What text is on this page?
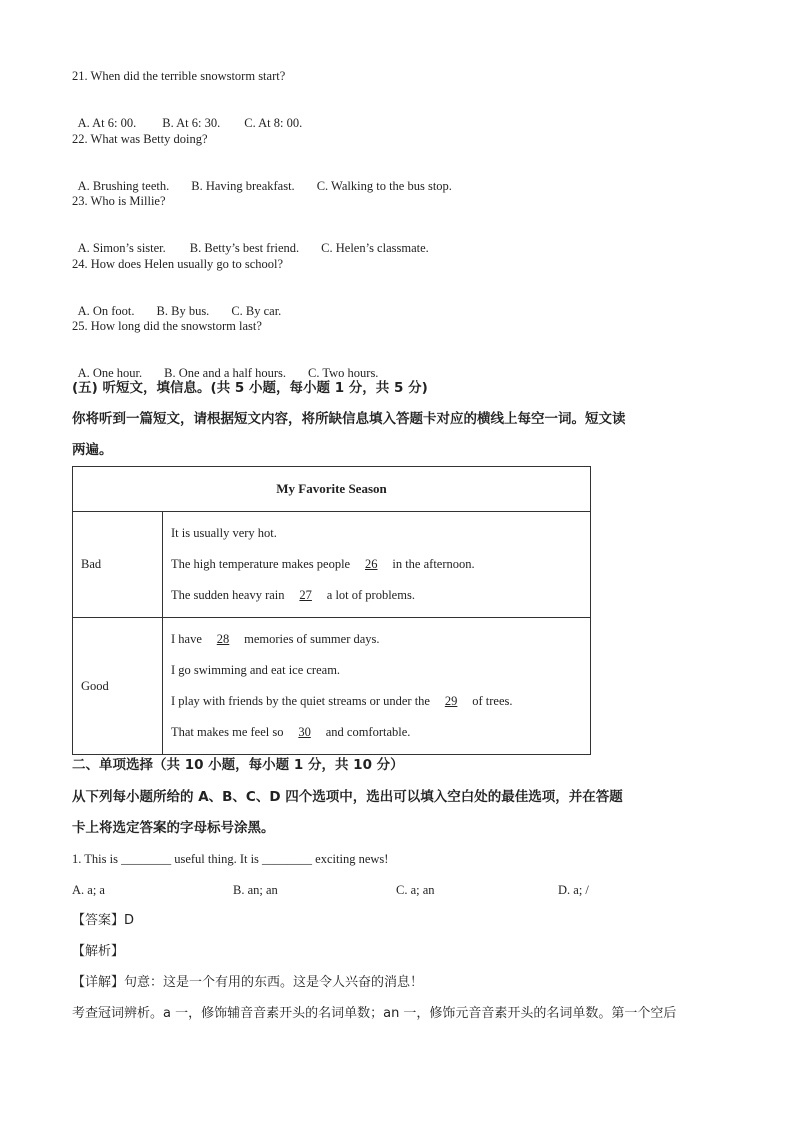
21. When did the terrible snowstorm start?

A. At 6: 00. B. At 6: 30. C. At 8: 00.

22. What was Betty doing?

A. Brushing teeth. B. Having breakfast. C. Walking to the bus stop.

23. Who is Millie?

A. Simon’s sister. B. Betty’s best friend. C. Helen’s classmate.

24. How does Helen usually go to school?

A. On foot. B. By bus. C. By car.

25. How long did the snowstorm last?

A. One hour. B. One and a half hours. C. Two hours.

(五) 听短文，填信息。(共 5 小题，每小题 1 分，共 5 分)
你将听到一篇短文，请根据短文内容，将所缺信息填入答题卡对应的横线上每空一词。短文读
两遍。
My Favorite Season	
Bad	It is usually very hot.
The high temperature makes people 26 in the afternoon.
The sudden heavy rain 27 a lot of problems.

Good	I have 28 memories of summer days.
I go swimming and eat ice cream.
I play with friends by the quiet streams or under the 29 of trees.
That makes me feel so 30 and comfortable.
二、单项选择（共 10 小题，每小题 1 分，共 10 分）
从下列每小题所给的 A、B、C、D 四个选项中，选出可以填入空白处的最佳选项，并在答题
卡上将选定答案的字母标号涂黑。
1. This is ________ useful thing. It is ________ exciting news!
A. a; a	B. an; an	C. a; an	D. a; /
【答案】D
【解析】
【详解】句意：这是一个有用的东西。这是令人兴奋的消息！
考查冠词辨析。a 一，修饰辅音音素开头的名词单数；an 一，修饰元音音素开头的名词单数。第一个空后
